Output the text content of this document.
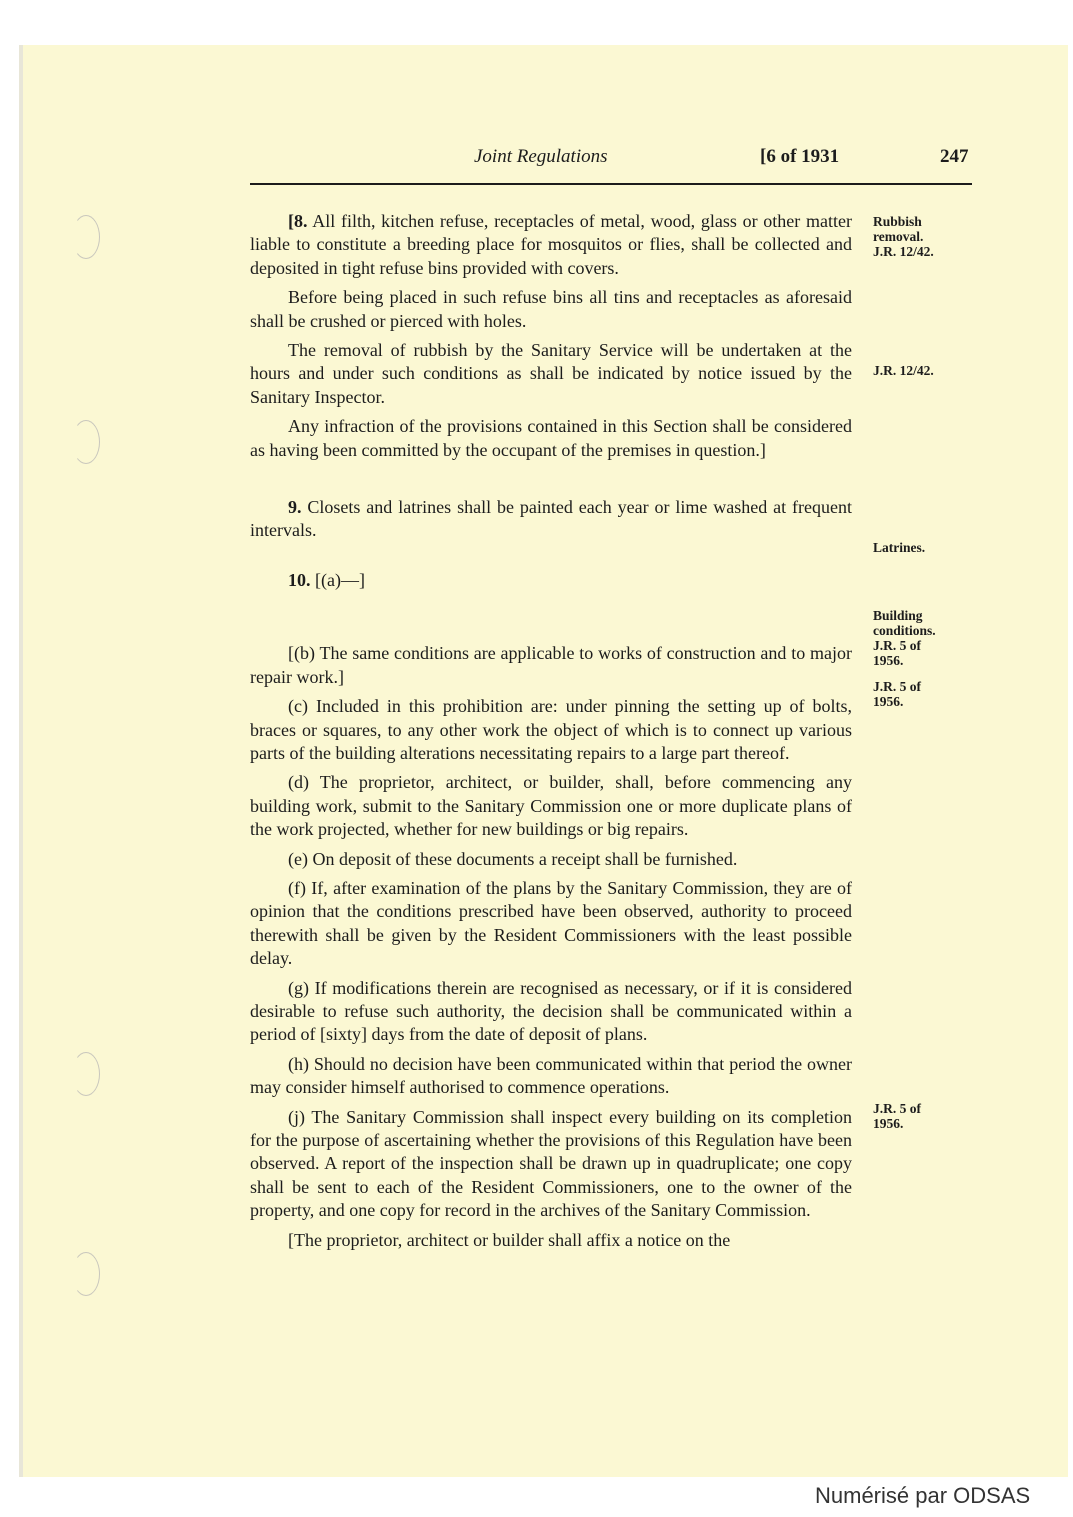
Joint Regulations	[6 of 1931	247

[8. All filth, kitchen refuse, receptacles of metal, wood, glass or other matter liable to constitute a breeding place for mosquitos or flies, shall be collected and deposited in tight refuse bins provided with covers.

Before being placed in such refuse bins all tins and receptacles as aforesaid shall be crushed or pierced with holes.

The removal of rubbish by the Sanitary Service will be undertaken at the hours and under such conditions as shall be indicated by notice issued by the Sanitary Inspector.

Any infraction of the provisions contained in this Section shall be considered as having been committed by the occupant of the premises in question.]

9. Closets and latrines shall be painted each year or lime washed at frequent intervals.

10. [(a)—]

[(b) The same conditions are applicable to works of construction and to major repair work.]

(c) Included in this prohibition are: under pinning the setting up of bolts, braces or squares, to any other work the object of which is to connect up various parts of the building alterations necessitating repairs to a large part thereof.

(d) The proprietor, architect, or builder, shall, before commencing any building work, submit to the Sanitary Commission one or more duplicate plans of the work projected, whether for new buildings or big repairs.

(e) On deposit of these documents a receipt shall be furnished.

(f) If, after examination of the plans by the Sanitary Commission, they are of opinion that the conditions prescribed have been observed, authority to proceed therewith shall be given by the Resident Commissioners with the least possible delay.

(g) If modifications therein are recognised as necessary, or if it is considered desirable to refuse such authority, the decision shall be communicated within a period of [sixty] days from the date of deposit of plans.

(h) Should no decision have been communicated within that period the owner may consider himself authorised to commence operations.

(j) The Sanitary Commission shall inspect every building on its completion for the purpose of ascertaining whether the provisions of this Regulation have been observed. A report of the inspection shall be drawn up in quadruplicate; one copy shall be sent to each of the Resident Commissioners, one to the owner of the property, and one copy for record in the archives of the Sanitary Commission.

[The proprietor, architect or builder shall affix a notice on the

Rubbish
removal.
J.R. 12/42.
J.R. 12/42.
Latrines.
Building
conditions.
J.R. 5 of
1956.
J.R. 5 of
1956.
J.R. 5 of
1956.
Numérisé par ODSAS
